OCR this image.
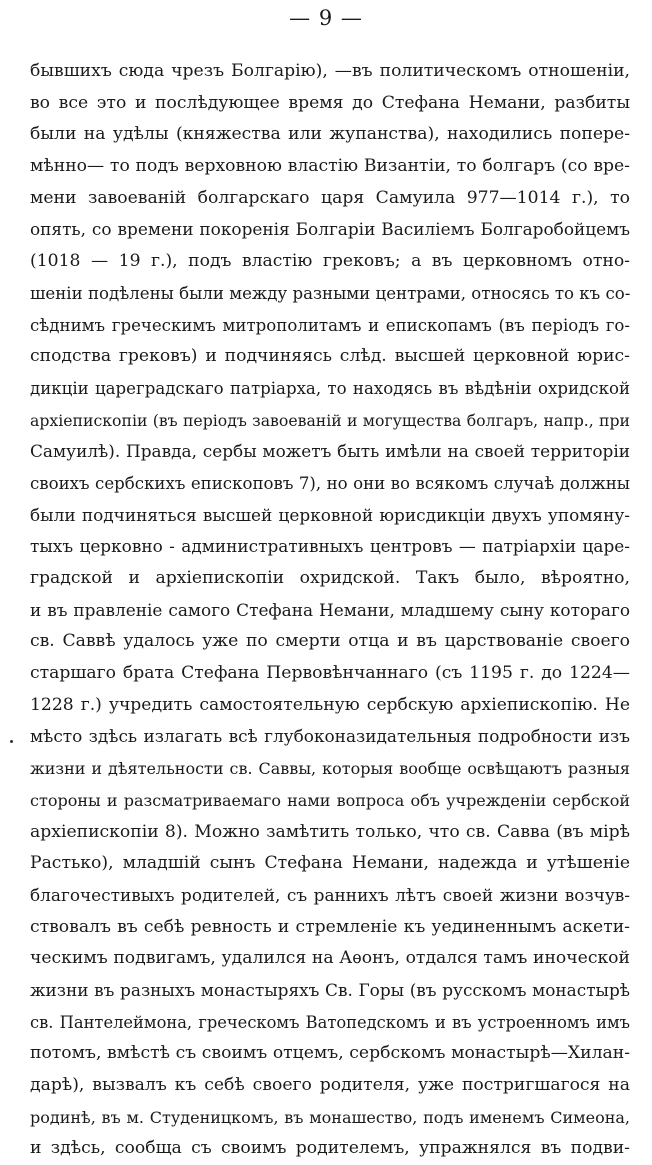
— 9 —
бывшихъ сюда чрезъ Болгарію), —въ политическомъ отношеніи,
во все это и послѣдующее время до Стефана Немани, разбиты
были на удѣлы (княжества или жупанства), находились попере-
мѣнно— то подъ верховною властію Византіи, то болгаръ (со вре-
мени завоеваній болгарскаго царя Самуила 977—1014 г.), то
опять, со времени покоренія Болгаріи Василіемъ Болгаробойцемъ
(1018 — 19 г.), подъ властію грековъ; а въ церковномъ отно-
шеніи подѣлены были между разными центрами, относясь то къ со-
сѣднимъ греческимъ митрополитамъ и епископамъ (въ періодъ го-
сподства грековъ) и подчиняясь слѣд. высшей церковной юрис-
дикціи цареградскаго патріарха, то находясь въ вѣдѣніи охридской
архіепископіи (въ періодъ завоеваній и могущества болгаръ, напр., при
Самуилѣ). Правда, сербы можетъ быть имѣли на своей территоріи
своихъ сербскихъ епископовъ 7), но они во всякомъ случаѣ должны
были подчиняться высшей церковной юрисдикціи двухъ упомяну-
тыхъ церковно - административныхъ центровъ — патріархіи царе-
градской и архіепископіи охридской. Такъ было, вѣроятно,
и въ правленіе самого Стефана Немани, младшему сыну котораго
св. Саввѣ удалось уже по смерти отца и въ царствованіе своего
старшаго брата Стефана Первовѣнчаннаго (съ 1195 г. до 1224—
1228 г.) учредить самостоятельную сербскую архіепископію. Не
мѣсто здѣсь излагать всѣ глубоконазидательныя подробности изъ
жизни и дѣятельности св. Саввы, которыя вообще освѣщаютъ разныя
стороны и разсматриваемаго нами вопроса объ учрежденіи сербской
архіепископіи 8). Можно замѣтить только, что св. Савва (въ мірѣ
Растько), младшій сынъ Стефана Немани, надежда и утѣшеніе
благочестивыхъ родителей, съ раннихъ лѣтъ своей жизни возчув-
ствовалъ въ себѣ ревность и стремленіе къ уединеннымъ аскети-
ческимъ подвигамъ, удалился на Аѳонъ, отдался тамъ иноческой
жизни въ разныхъ монастыряхъ Св. Горы (въ русскомъ монастырѣ
св. Пантелеймона, греческомъ Ватопедскомъ и въ устроенномъ имъ
потомъ, вмѣстѣ съ своимъ отцемъ, сербскомъ монастырѣ—Хилан-
дарѣ), вызвалъ къ себѣ своего родителя, уже постригшагося на
родинѣ, въ м. Студеницкомъ, въ монашество, подъ именемъ Симеона,
и здѣсь, сообща съ своимъ родителемъ, упражнялся въ подви-
